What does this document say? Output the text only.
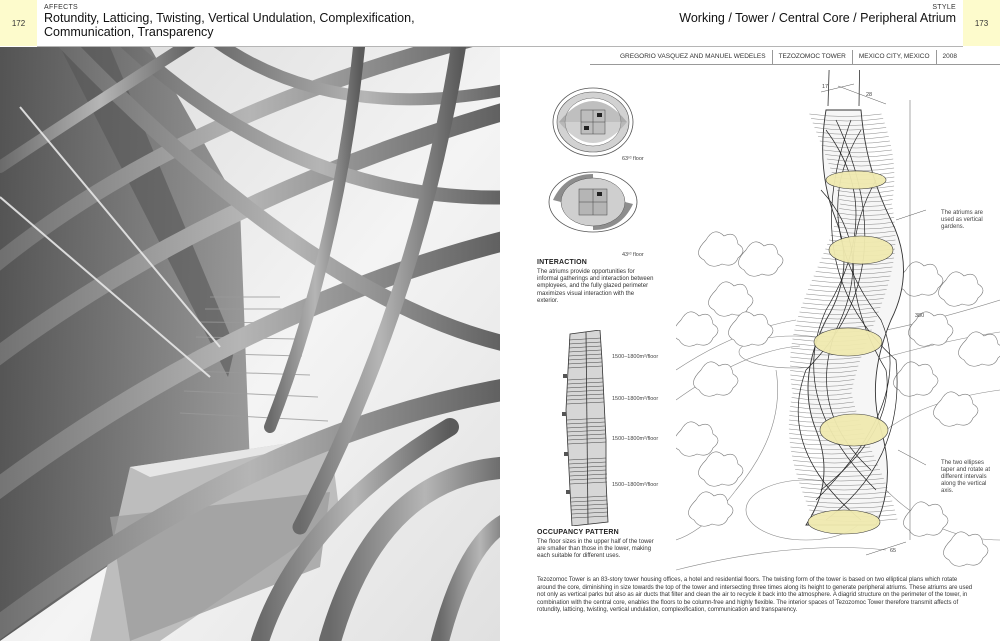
172
AFFECTS
Rotundity, Latticing, Twisting, Vertical Undulation, Complexification,
Communication, Transparency
STYLE
Working / Tower / Central Core / Peripheral Atrium	173
GREGORIO VASQUEZ AND MANUEL WEDELES	TEZOZOMOC TOWER	MEXICO CITY, MEXICO	2008
63ʳᵈ floor
43ʳᵈ floor
INTERACTION
The atriums provide opportunities for informal gatherings and interaction between employees, and the fully glazed perimeter maximizes visual interaction with the exterior.
1500–1800m²/floor
1500–1800m²/floor
1500–1800m²/floor
1500–1800m²/floor
OCCUPANCY PATTERN
The floor sizes in the upper half of the tower are smaller than those in the lower, making each suitable for different uses.
17
28
380
65
The atriums are used as vertical gardens.
The two ellipses taper and rotate at different intervals along the vertical axis.
Tezozomoc Tower is an 83-story tower housing offices, a hotel and residential floors. The twisting form of the tower is based on two elliptical plans which rotate around the core, diminishing in size towards the top of the tower and intersecting three times along its height to generate peripheral atriums. These atriums are used not only as vertical parks but also as air ducts that filter and clean the air to recycle it back into the atmosphere. A diagrid structure on the perimeter of the tower, in combination with the central core, enables the floors to be column-free and highly flexible. The interior spaces of Tezozomoc Tower therefore transmit affects of rotundity, latticing, twisting, vertical undulation, complexification, communication and transparency.
